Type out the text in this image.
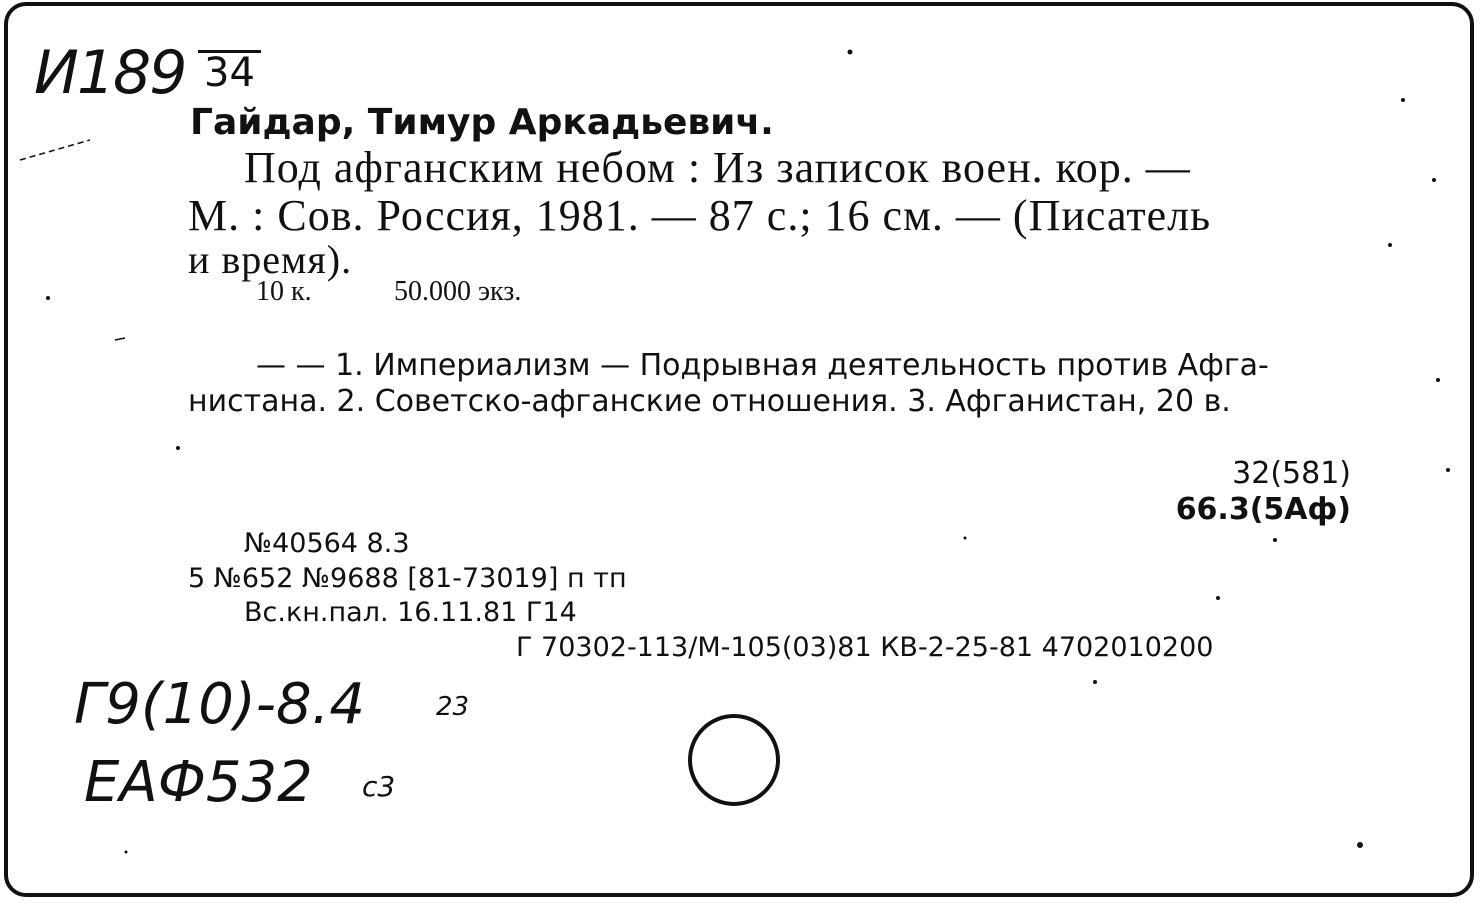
И189 34
Гайдар, Тимур Аркадьевич.
Под афганским небом : Из записок воен. кор. —
М. : Сов. Россия, 1981. — 87 с.; 16 см. — (Писатель
и время).
10 к.	50.000 экз.
— — 1. Империализм — Подрывная деятельность против Афга-
нистана. 2. Советско-афганские отношения. 3. Афганистан, 20 в.
32(581)
66.3(5Аф)
№40564 8.3
5 №652 №9688 [81-73019] п тп
Вс.кн.пал. 16.11.81 Г14
Г 70302-113/М-105(03)81 КВ-2-25-81 4702010200
Г9(10)-8.4	23
ЕАФ532 с3
